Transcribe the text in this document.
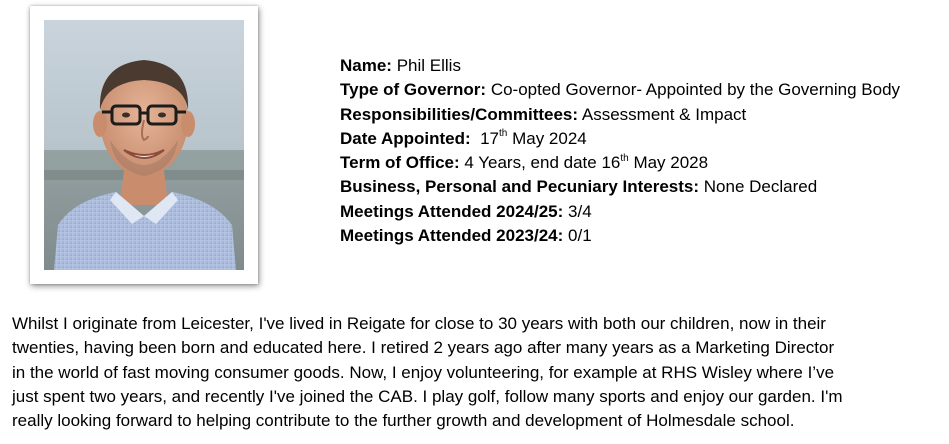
Name: Phil Ellis
Type of Governor: Co-opted Governor- Appointed by the Governing Body
Responsibilities/Committees: Assessment & Impact
Date Appointed: 17th May 2024
Term of Office: 4 Years, end date 16th May 2028
Business, Personal and Pecuniary Interests: None Declared
Meetings Attended 2024/25: 3/4
Meetings Attended 2023/24: 0/1

Whilst I originate from Leicester, I've lived in Reigate for close to 30 years with both our children, now in their
twenties, having been born and educated here. I retired 2 years ago after many years as a Marketing Director
in the world of fast moving consumer goods. Now, I enjoy volunteering, for example at RHS Wisley where I’ve
just spent two years, and recently I've joined the CAB. I play golf, follow many sports and enjoy our garden. I'm
really looking forward to helping contribute to the further growth and development of Holmesdale school.
